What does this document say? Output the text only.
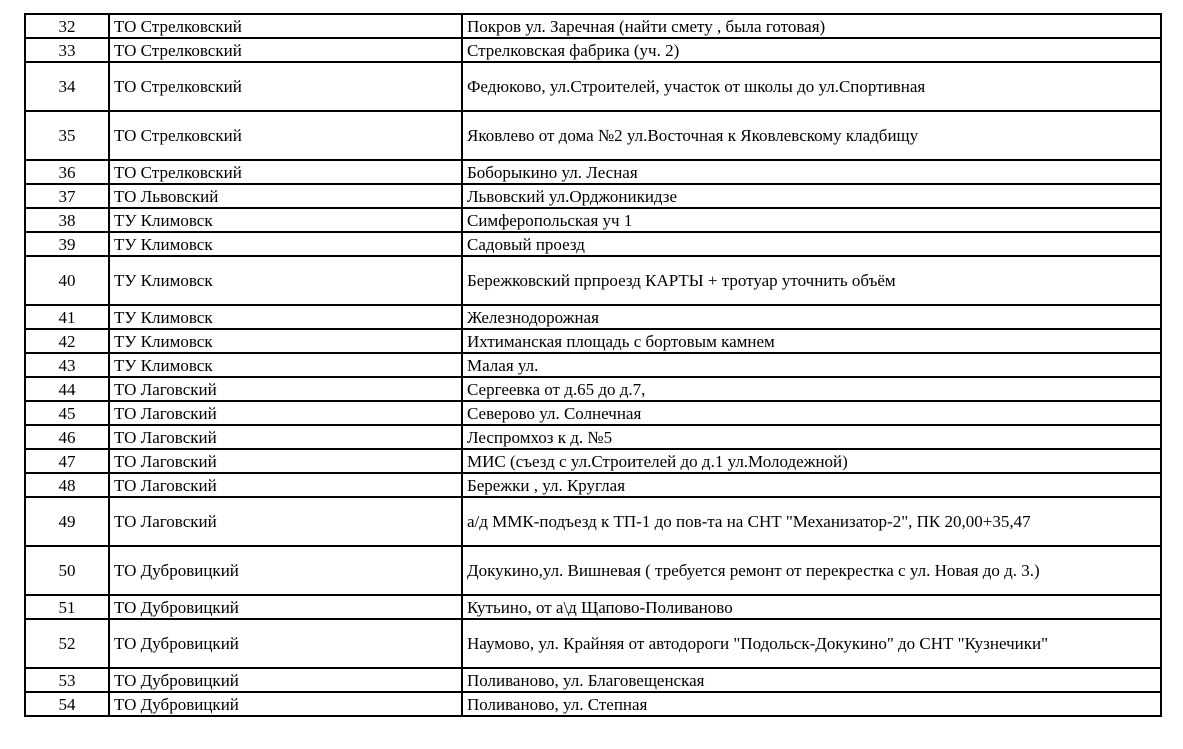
32	ТО Стрелковский	Покров ул. Заречная (найти смету , была готовая)
33	ТО Стрелковский	Стрелковская фабрика (уч. 2)
34	ТО Стрелковский	Федюково, ул.Строителей, участок от школы до ул.Спортивная
35	ТО Стрелковский	Яковлево от дома №2 ул.Восточная к Яковлевскому кладбищу
36	ТО Стрелковский	Боборыкино ул. Лесная
37	ТО Львовский	Львовский ул.Орджоникидзе
38	ТУ Климовск	Симферопольская уч 1
39	ТУ Климовск	Садовый проезд
40	ТУ Климовск	Бережковский прпроезд КАРТЫ + тротуар уточнить объём
41	ТУ Климовск	Железнодорожная
42	ТУ Климовск	Ихтиманская площадь с бортовым камнем
43	ТУ Климовск	Малая ул.
44	ТО Лаговский	Сергеевка от д.65 до д.7,
45	ТО Лаговский	Северово ул. Солнечная
46	ТО Лаговский	Леспромхоз к д. №5
47	ТО Лаговский	МИС (съезд с ул.Строителей до д.1 ул.Молодежной)
48	ТО Лаговский	Бережки , ул. Круглая
49	ТО Лаговский	а/д ММК-подъезд к ТП-1 до пов-та на СНТ "Механизатор-2", ПК 20,00+35,47
50	ТО Дубровицкий	Докукино,ул. Вишневая ( требуется ремонт от перекрестка с ул. Новая до д. 3.)
51	ТО Дубровицкий	Кутьино, от а\д Щапово-Поливаново
52	ТО Дубровицкий	Наумово, ул. Крайняя от автодороги "Подольск-Докукино" до СНТ "Кузнечики"
53	ТО Дубровицкий	Поливаново, ул. Благовещенская
54	ТО Дубровицкий	Поливаново, ул. Степная
